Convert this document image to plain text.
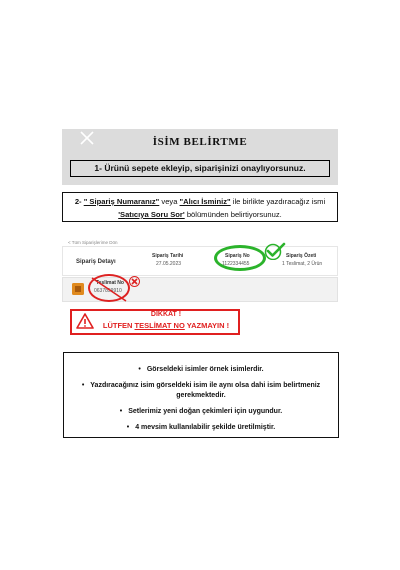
İSİM BELİRTME
1- Ürünü sepete ekleyip, siparişinizi onaylıyorsunuz.
2- " Sipariş Numaranız" veya "Alıcı İsminiz" ile birlikte yazdıracağız ismi
'Satıcıya Soru Sor' bölümünden belirtiyorsunuz.
< Tüm Siparişlerime Dön
Sipariş Detayı
Sipariş Tarihi
27.05.2023
Sipariş No
1122334455
Sipariş Özeti
1 Teslimat, 2 Ürün
Teslimat No
0637859910
DİKKAT !
LÜTFEN TESLİMAT NO YAZMAYIN !
• Görseldeki isimler örnek isimlerdir.
• Yazdıracağınız isim görseldeki isim ile aynı olsa dahi isim belirtmeniz gerekmektedir.
• Setlerimiz yeni doğan çekimleri için uygundur.
• 4 mevsim kullanılabilir şekilde üretilmiştir.
